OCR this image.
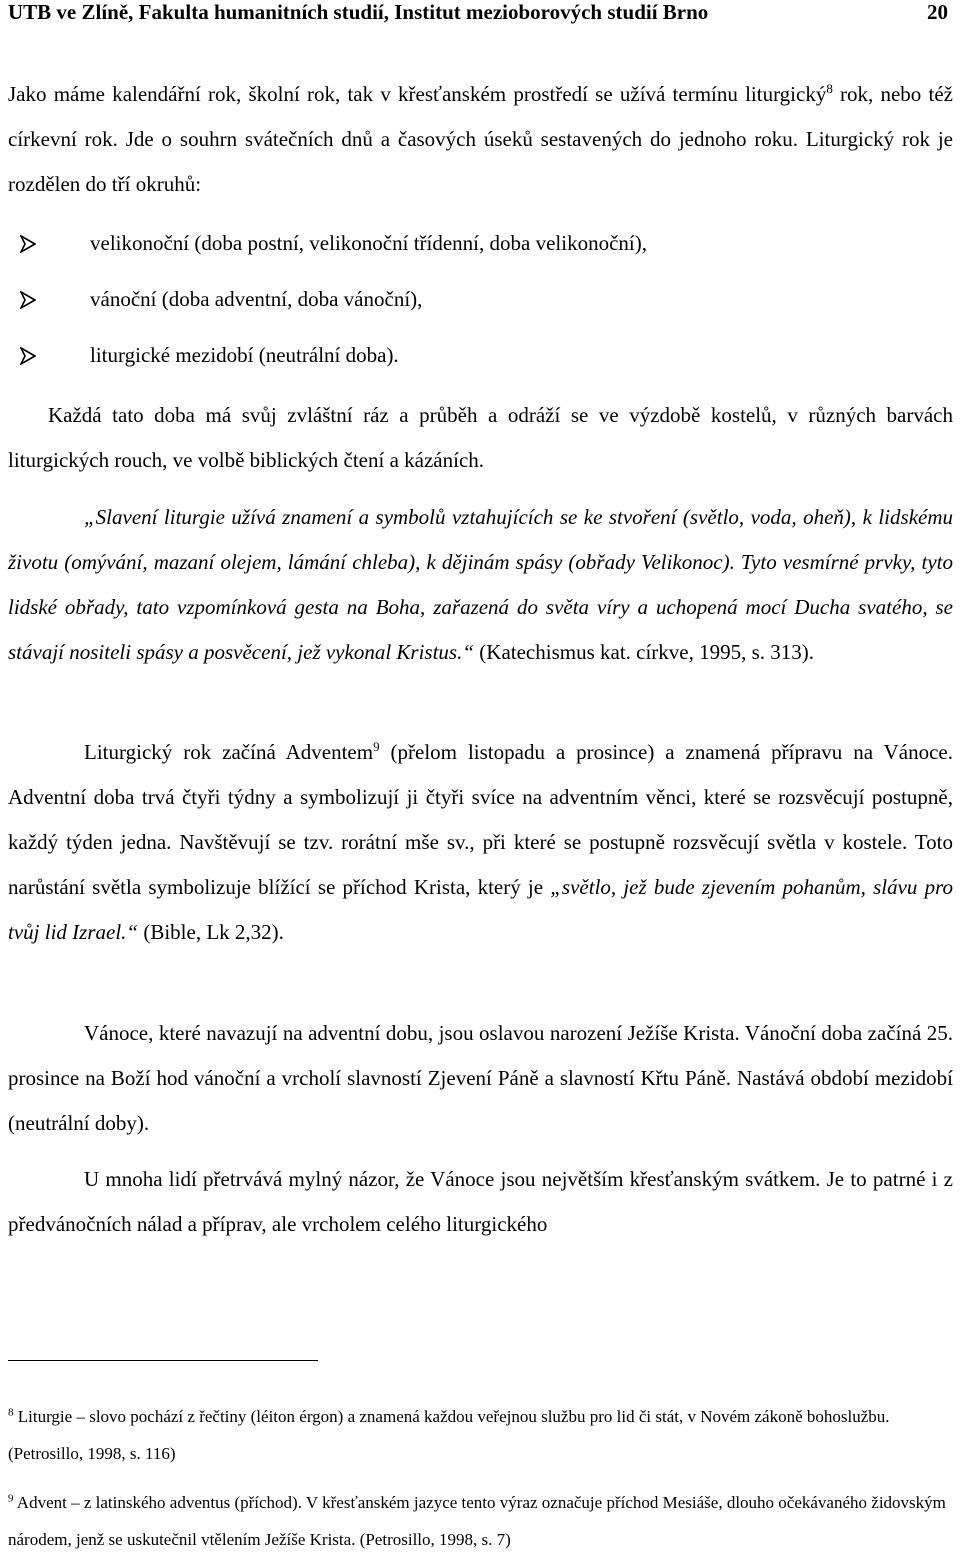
UTB ve Zlíně, Fakulta humanitních studií, Institut mezioborových studií Brno	20

Jako máme kalendářní rok, školní rok, tak v křesťanském prostředí se užívá termínu liturgický$^8$ rok, nebo též církevní rok. Jde o souhrn svátečních dnů a časových úseků sestavených do jednoho roku. Liturgický rok je rozdělen do tří okruhů:

velikonoční (doba postní, velikonoční třídenní, doba velikonoční),
vánoční (doba adventní, doba vánoční),
liturgické mezidobí (neutrální doba).

Každá tato doba má svůj zvláštní ráz a průběh a odráží se ve výzdobě kostelů, v různých barvách liturgických rouch, ve volbě biblických čtení a kázáních.

„Slavení liturgie užívá znamení a symbolů vztahujících se ke stvoření (světlo, voda, oheň), k lidskému životu (omývání, mazaní olejem, lámání chleba), k dějinám spásy (obřady Velikonoc). Tyto vesmírné prvky, tyto lidské obřady, tato vzpomínková gesta na Boha, zařazená do světa víry a uchopená mocí Ducha svatého, se stávají nositeli spásy a posvěcení, jež vykonal Kristus.“ (Katechismus kat. církve, 1995, s. 313).

Liturgický rok začíná Adventem$^9$ (přelom listopadu a prosince) a znamená přípravu na Vánoce. Adventní doba trvá čtyři týdny a symbolizují ji čtyři svíce na adventním věnci, které se rozsvěcují postupně, každý týden jedna. Navštěvují se tzv. rorátní mše sv., při které se postupně rozsvěcují světla v kostele. Toto narůstání světla symbolizuje blížící se příchod Krista, který je „světlo, jež bude zjevením pohanům, slávu pro tvůj lid Izrael.“ (Bible, Lk 2,32).

Vánoce, které navazují na adventní dobu, jsou oslavou narození Ježíše Krista. Vánoční doba začíná 25. prosince na Boží hod vánoční a vrcholí slavností Zjevení Páně a slavností Křtu Páně. Nastává období mezidobí (neutrální doby).

U mnoha lidí přetrvává mylný názor, že Vánoce jsou největším křesťanským svátkem. Je to patrné i z předvánočních nálad a příprav, ale vrcholem celého liturgického

$^8$ Liturgie – slovo pochází z řečtiny (léiton érgon) a znamená každou veřejnou službu pro lid či stát, v Novém zákoně bohoslužbu. (Petrosillo, 1998, s. 116)

$^9$ Advent – z latinského adventus (příchod). V křesťanském jazyce tento výraz označuje příchod Mesiáše, dlouho očekávaného židovským národem, jenž se uskutečnil vtělením Ježíše Krista. (Petrosillo, 1998, s. 7)
